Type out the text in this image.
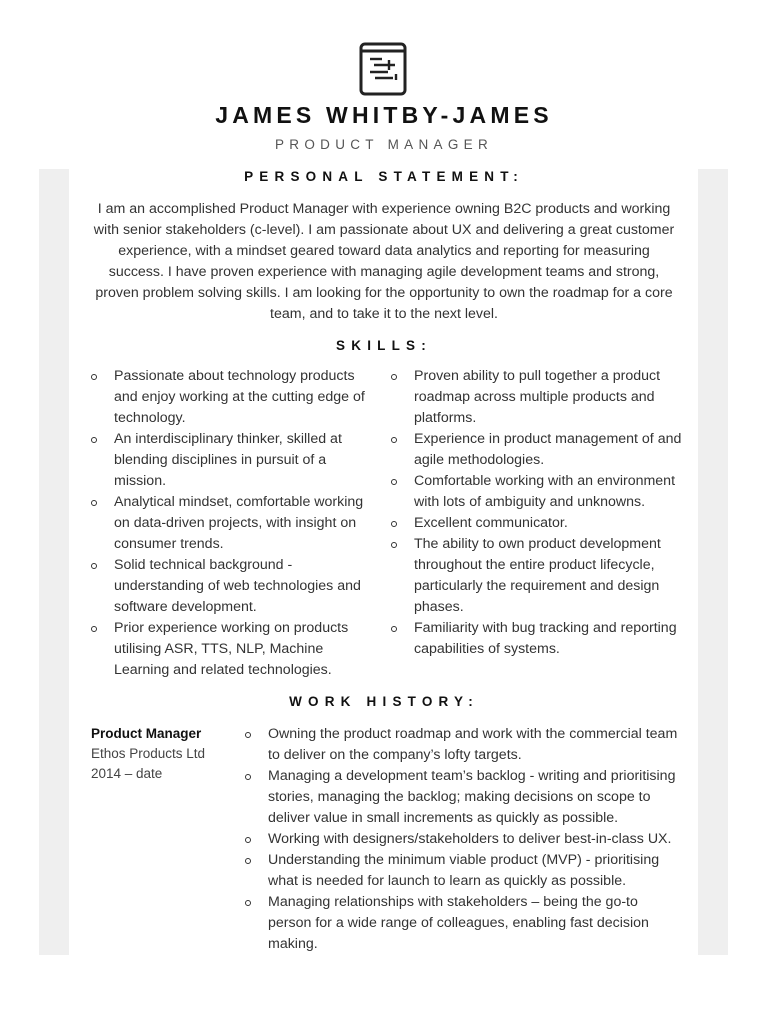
JAMES WHITBY-JAMES
PRODUCT MANAGER
PERSONAL STATEMENT:
I am an accomplished Product Manager with experience owning B2C products and working with senior stakeholders (c-level). I am passionate about UX and delivering a great customer experience, with a mindset geared toward data analytics and reporting for measuring success. I have proven experience with managing agile development teams and strong, proven problem solving skills. I am looking for the opportunity to own the roadmap for a core team, and to take it to the next level.
SKILLS:
Passionate about technology products and enjoy working at the cutting edge of technology.
An interdisciplinary thinker, skilled at blending disciplines in pursuit of a mission.
Analytical mindset, comfortable working on data-driven projects, with insight on consumer trends.
Solid technical background - understanding of web technologies and software development.
Prior experience working on products utilising ASR, TTS, NLP, Machine Learning and related technologies.
Proven ability to pull together a product roadmap across multiple products and platforms.
Experience in product management of and agile methodologies.
Comfortable working with an environment with lots of ambiguity and unknowns.
Excellent communicator.
The ability to own product development throughout the entire product lifecycle, particularly the requirement and design phases.
Familiarity with bug tracking and reporting capabilities of systems.
WORK HISTORY:
Product Manager
Ethos Products Ltd
2014 – date
Owning the product roadmap and work with the commercial team to deliver on the company’s lofty targets.
Managing a development team’s backlog - writing and prioritising stories, managing the backlog; making decisions on scope to deliver value in small increments as quickly as possible.
Working with designers/stakeholders to deliver best-in-class UX.
Understanding the minimum viable product (MVP) - prioritising what is needed for launch to learn as quickly as possible.
Managing relationships with stakeholders – being the go-to person for a wide range of colleagues, enabling fast decision making.
